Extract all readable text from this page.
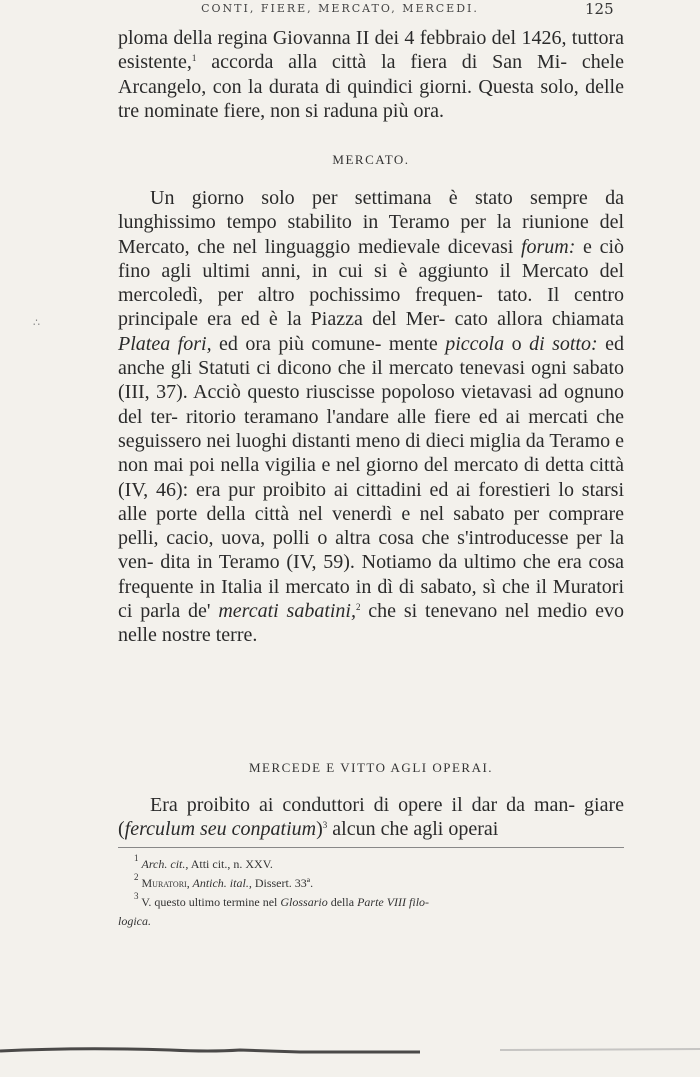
CONTI, FIERE, MERCATO, MERCEDI.	125
∴

ploma della regina Giovanna II dei 4 febbraio del 1426, tuttora esistente,$^1$ accorda alla città la fiera di San Mi- chele Arcangelo, con la durata di quindici giorni. Questa solo, delle tre nominate fiere, non si raduna più ora.

MERCATO.

Un giorno solo per settimana è stato sempre da lunghissimo tempo stabilito in Teramo per la riunione del Mercato, che nel linguaggio medievale dicevasi forum: e ciò fino agli ultimi anni, in cui si è aggiunto il Mercato del mercoledì, per altro pochissimo frequen- tato. Il centro principale era ed è la Piazza del Mer- cato allora chiamata Platea fori, ed ora più comune- mente piccola o di sotto: ed anche gli Statuti ci dicono che il mercato tenevasi ogni sabato (III, 37). Acciò questo riuscisse popoloso vietavasi ad ognuno del ter- ritorio teramano l'andare alle fiere ed ai mercati che seguissero nei luoghi distanti meno di dieci miglia da Teramo e non mai poi nella vigilia e nel giorno del mercato di detta città (IV, 46): era pur proibito ai cittadini ed ai forestieri lo starsi alle porte della città nel venerdì e nel sabato per comprare pelli, cacio, uova, polli o altra cosa che s'introducesse per la ven- dita in Teramo (IV, 59). Notiamo da ultimo che era cosa frequente in Italia il mercato in dì di sabato, sì che il Muratori ci parla de' mercati sabatini,$^2$ che si tenevano nel medio evo nelle nostre terre.

MERCEDE E VITTO AGLI OPERAI.

Era proibito ai conduttori di opere il dar da man- giare (ferculum seu conpatium)$^3$ alcun che agli operai

$^1$ Arch. cit., Atti cit., n. XXV.

$^2$ Muratori, Antich. ital., Dissert. 33ª.

$^3$ V. questo ultimo termine nel Glossario della Parte VIII filo-

logica.
